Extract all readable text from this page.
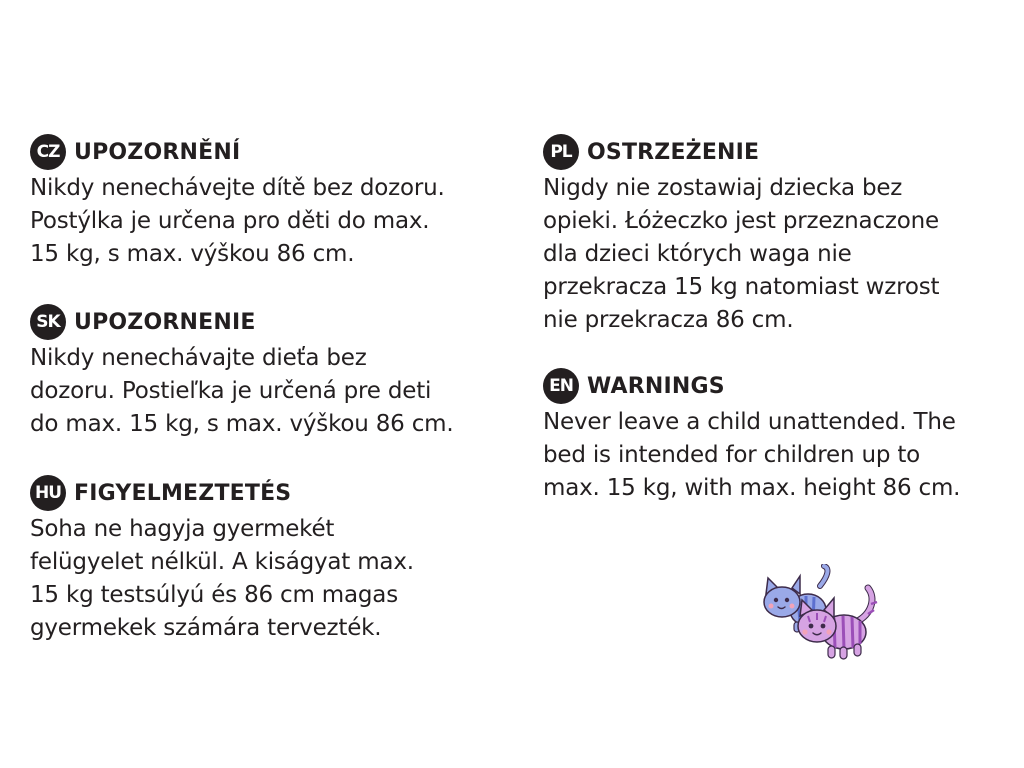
CZ UPOZORNĚNÍ
Nikdy nenechávejte dítě bez dozoru.
Postýlka je určena pro děti do max.
15 kg, s max. výškou 86 cm.
SK UPOZORNENIE
Nikdy nenechávajte dieťa bez
dozoru. Postieľka je určená pre deti
do max. 15 kg, s max. výškou 86 cm.
HU FIGYELMEZTETÉS
Soha ne hagyja gyermekét
felügyelet nélkül. A kiságyat max.
15 kg testsúlyú és 86 cm magas
gyermekek számára tervezték.
PL OSTRZEŻENIE
Nigdy nie zostawiaj dziecka bez
opieki. Łóżeczko jest przeznaczone
dla dzieci których waga nie
przekracza 15 kg natomiast wzrost
nie przekracza 86 cm.
EN WARNINGS
Never leave a child unattended. The
bed is intended for children up to
max. 15 kg, with max. height 86 cm.
